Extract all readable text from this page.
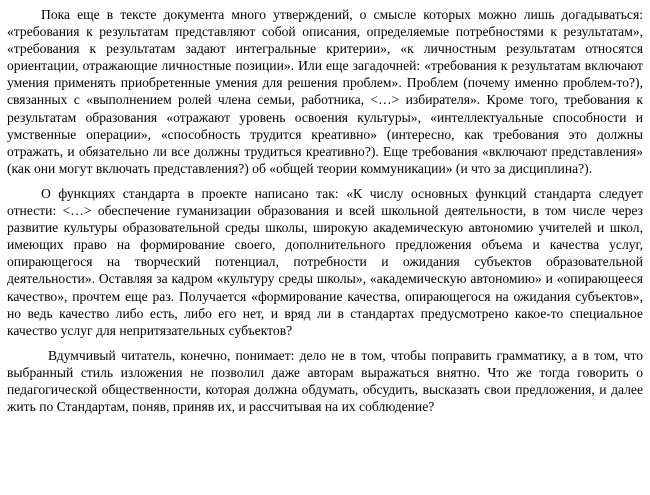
Пока еще в тексте документа много утверждений, о смысле которых можно лишь догадываться: «требования к результатам представляют собой описания, определяемые потребностями к результатам», «требования к результатам задают интегральные критерии», «к личностным результатам относятся ориентации, отражающие личностные позиции». Или еще загадочней: «требования к результатам включают умения применять приобретенные умения для решения проблем». Проблем (почему именно проблем-то?), связанных с «выполнением ролей члена семьи, работника, <…> избирателя». Кроме того, требования к результатам образования «отражают уровень освоения культуры», «интеллектуальные способности и умственные операции», «способность трудится креативно» (интересно, как требования это должны отражать, и обязательно ли все должны трудиться креативно?). Еще требования «включают представления» (как они могут включать представления?) об «общей теории коммуникации» (и что за дисциплина?).

О функциях стандарта в проекте написано так: «К числу основных функций стандарта следует отнести: <…> обеспечение гуманизации образования и всей школьной деятельности, в том числе через развитие культуры образовательной среды школы, широкую академическую автономию учителей и школ, имеющих право на формирование своего, дополнительного предложения объема и качества услуг, опирающегося на творческий потенциал, потребности и ожидания субъектов образовательной деятельности». Оставляя за кадром «культуру среды школы», «академическую автономию» и «опирающееся качество», прочтем еще раз. Получается «формирование качества, опирающегося на ожидания субъектов», но ведь качество либо есть, либо его нет, и вряд ли в стандартах предусмотрено какое-то специальное качество услуг для непритязательных субъектов?

Вдумчивый читатель, конечно, понимает: дело не в том, чтобы поправить грамматику, а в том, что выбранный стиль изложения не позволил даже авторам выражаться внятно. Что же тогда говорить о педагогической общественности, которая должна обдумать, обсудить, высказать свои предложения, и далее жить по Стандартам, поняв, приняв их, и рассчитывая на их соблюдение?
